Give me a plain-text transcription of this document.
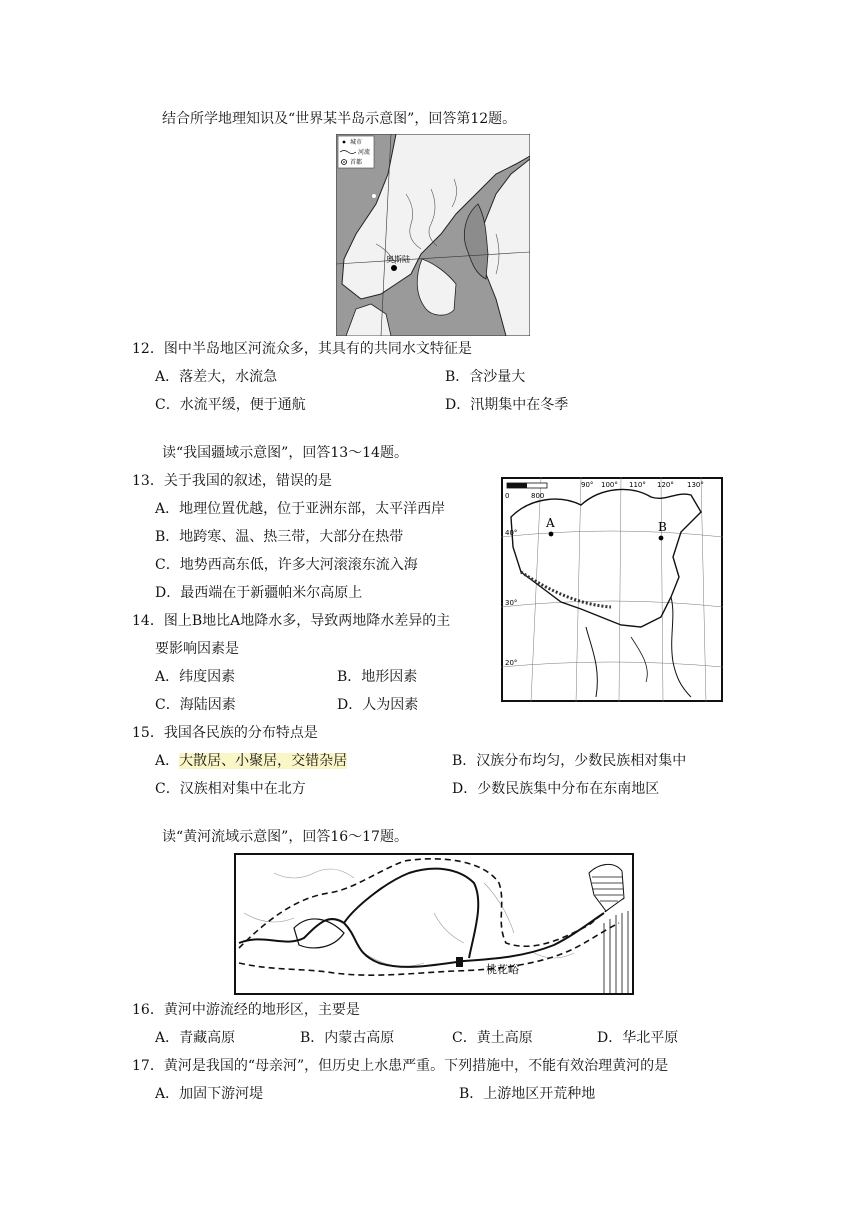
结合所学地理知识及“世界某半岛示意图”，回答第12题。
城市
河流
首都
奥斯陆
12．图中半岛地区河流众多，其具有的共同水文特征是
A．落差大，水流急	B．含沙量大
C．水流平缓，便于通航	D．汛期集中在冬季
读“我国疆域示意图”，回答13～14题。
13．关于我国的叙述，错误的是
A．地理位置优越，位于亚洲东部，太平洋西岸
B．地跨寒、温、热三带，大部分在热带
C．地势西高东低，许多大河滚滚东流入海
D．最西端在于新疆帕米尔高原上
14．图上B地比A地降水多，导致两地降水差异的主
要影响因素是
A．纬度因素	B．地形因素
C．海陆因素	D．人为因素
0	800
90° 100° 110° 120° 130°
40°
30°
20°
A	B
15．我国各民族的分布特点是
A．大散居、小聚居，交错杂居	B．汉族分布均匀，少数民族相对集中
C．汉族相对集中在北方	D．少数民族集中分布在东南地区
读“黄河流域示意图”，回答16～17题。
桃花峪
16．黄河中游流经的地形区，主要是
A．青藏高原	B．内蒙古高原	C．黄土高原	D．华北平原
17．黄河是我国的“母亲河”，但历史上水患严重。下列措施中，不能有效治理黄河的是
A．加固下游河堤	B．上游地区开荒种地
